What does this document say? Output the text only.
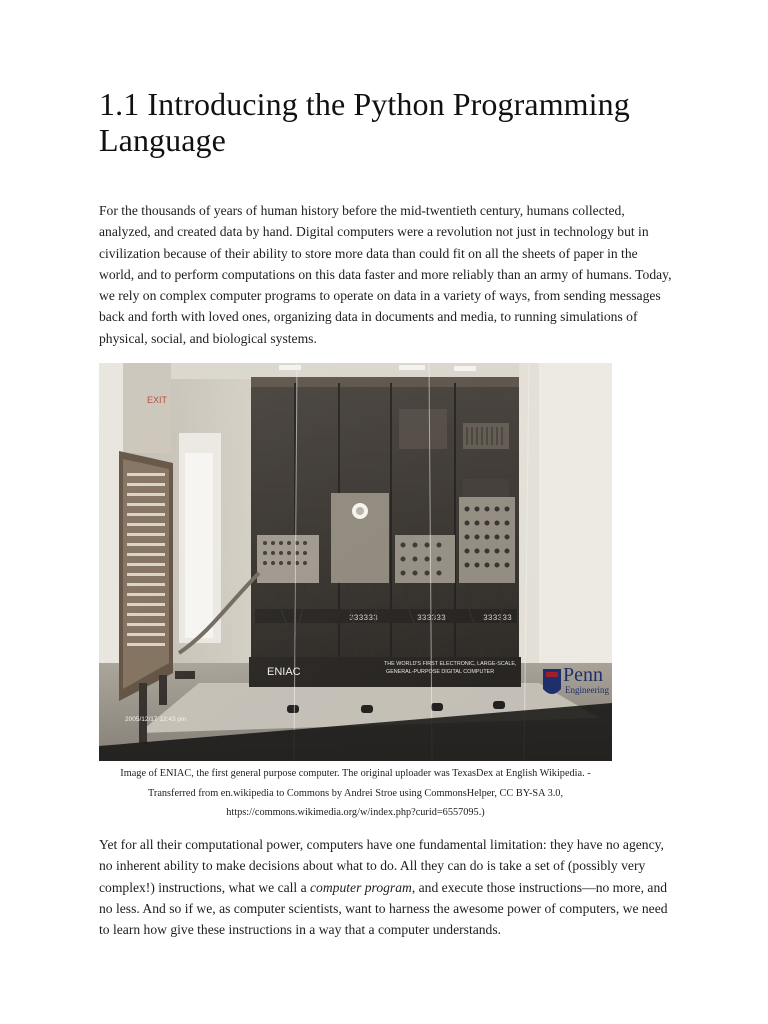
1.1 Introducing the Python Programming Language

For the thousands of years of human history before the mid-twentieth century, humans collected, analyzed, and created data by hand. Digital computers were a revolution not just in technology but in civilization because of their ability to store more data than could fit on all the sheets of paper in the world, and to perform computations on this data faster and more reliably than an army of humans. Today, we rely on complex computer programs to operate on data in a variety of ways, from sending messages back and forth with loved ones, organizing data in documents and media, to running simulations of physical, social, and biological systems.

Penn
Engineering
2005/12/17 12:43 pm

Image of ENIAC, the first general purpose computer. The original uploader was TexasDex at English Wikipedia. - Transferred from en.wikipedia to Commons by Andrei Stroe using CommonsHelper, CC BY-SA 3.0, https://commons.wikimedia.org/w/index.php?curid=6557095.)

Yet for all their computational power, computers have one fundamental limitation: they have no agency, no inherent ability to make decisions about what to do. All they can do is take a set of (possibly very complex!) instructions, what we call a computer program, and execute those instructions—no more, and no less. And so if we, as computer scientists, want to harness the awesome power of computers, we need to learn how give these instructions in a way that a computer understands.
